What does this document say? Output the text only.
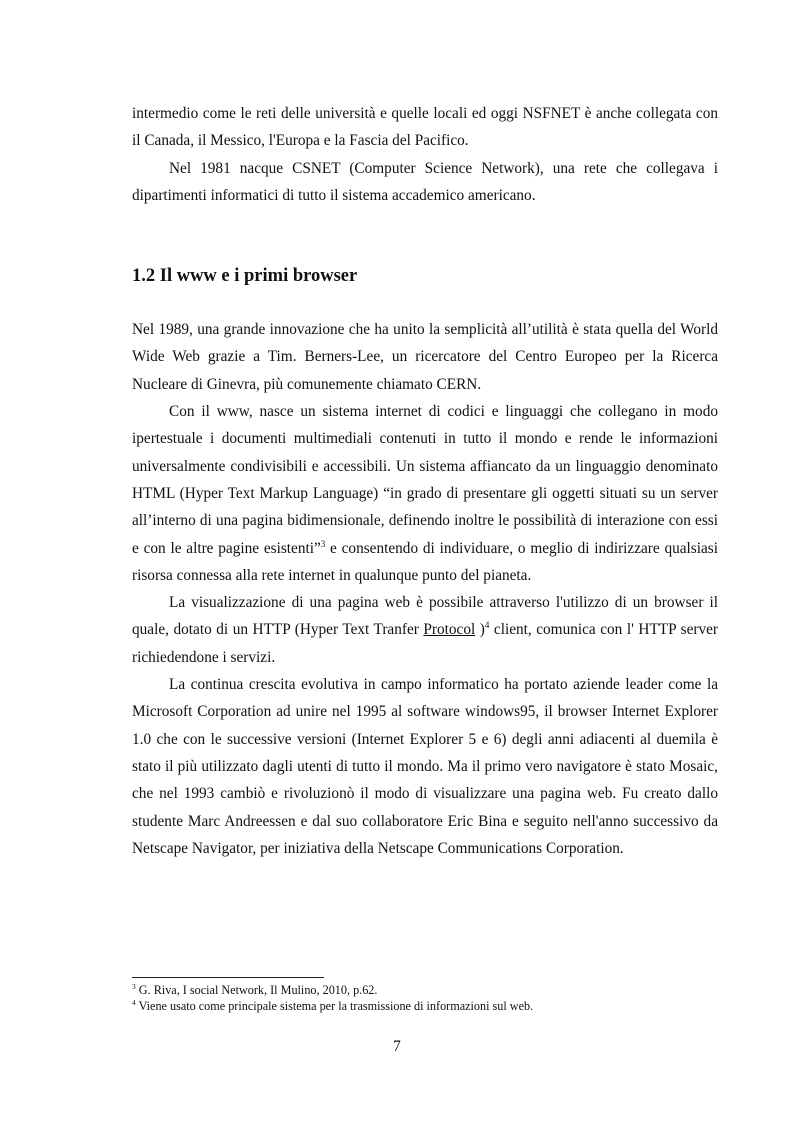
intermedio come le reti delle università e quelle locali ed oggi NSFNET è anche collegata con il Canada, il Messico, l'Europa e la Fascia del Pacifico.

Nel 1981 nacque CSNET (Computer Science Network), una rete che collegava i dipartimenti informatici di tutto il sistema accademico americano.

1.2 Il www e i primi browser

Nel 1989, una grande innovazione che ha unito la semplicità all’utilità è stata quella del World Wide Web grazie a Tim. Berners-Lee, un ricercatore del Centro Europeo per la Ricerca Nucleare di Ginevra, più comunemente chiamato CERN.

Con il www, nasce un sistema internet di codici e linguaggi che collegano in modo ipertestuale i documenti multimediali contenuti in tutto il mondo e rende le informazioni universalmente condivisibili e accessibili. Un sistema affiancato da un linguaggio denominato HTML (Hyper Text Markup Language) “in grado di presentare gli oggetti situati su un server all’interno di una pagina bidimensionale, definendo inoltre le possibilità di interazione con essi e con le altre pagine esistenti”$^3$ e consentendo di individuare, o meglio di indirizzare qualsiasi risorsa connessa alla rete internet in qualunque punto del pianeta.

La visualizzazione di una pagina web è possibile attraverso l'utilizzo di un browser il quale, dotato di un HTTP (Hyper Text Tranfer Protocol )$^4$ client, comunica con l' HTTP server richiedendone i servizi.

La continua crescita evolutiva in campo informatico ha portato aziende leader come la Microsoft Corporation ad unire nel 1995 al software windows95, il browser Internet Explorer 1.0 che con le successive versioni (Internet Explorer 5 e 6) degli anni adiacenti al duemila è stato il più utilizzato dagli utenti di tutto il mondo. Ma il primo vero navigatore è stato Mosaic, che nel 1993 cambiò e rivoluzionò il modo di visualizzare una pagina web. Fu creato dallo studente Marc Andreessen e dal suo collaboratore Eric Bina e seguito nell'anno successivo da Netscape Navigator, per iniziativa della Netscape Communications Corporation.

$^3$ G. Riva, I social Network, Il Mulino, 2010, p.62.

$^4$ Viene usato come principale sistema per la trasmissione di informazioni sul web.

7
